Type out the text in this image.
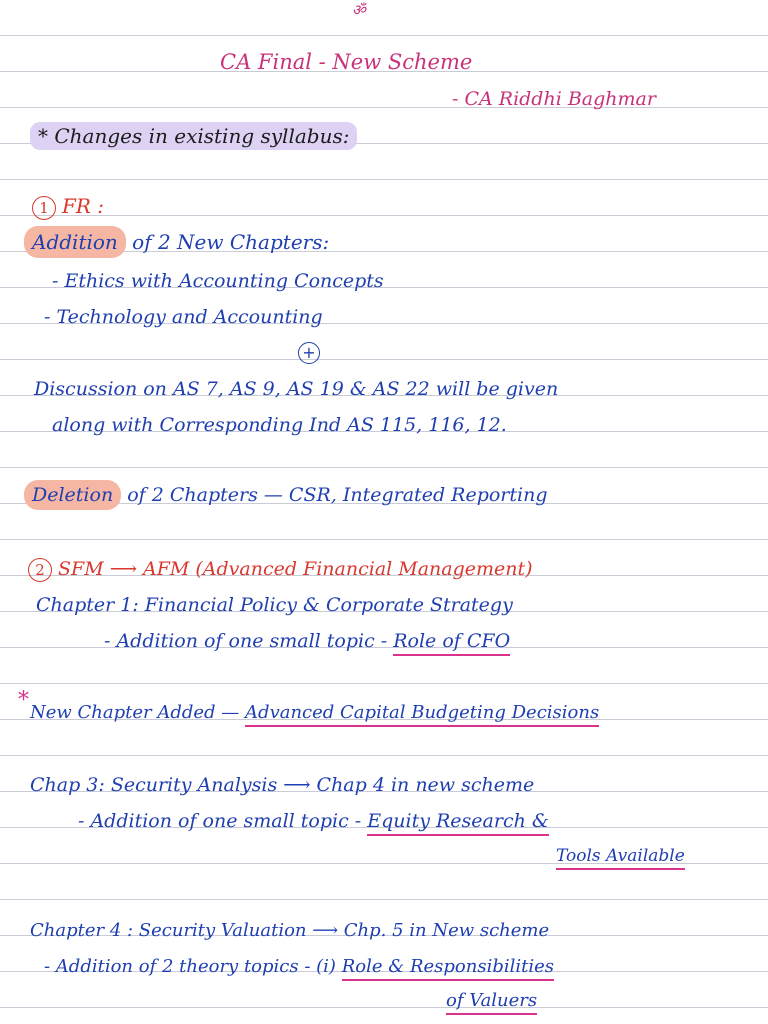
ॐ
CA Final - New Scheme
- CA Riddhi Baghmar
* Changes in existing syllabus:
1 FR :
Addition of 2 New Chapters:
- Ethics with Accounting Concepts
- Technology and Accounting
+
Discussion on AS 7, AS 9, AS 19 & AS 22 will be given
along with Corresponding Ind AS 115, 116, 12.
Deletion of 2 Chapters — CSR, Integrated Reporting
2 SFM ⟶ AFM (Advanced Financial Management)
Chapter 1: Financial Policy & Corporate Strategy
- Addition of one small topic - Role of CFO
* New Chapter Added — Advanced Capital Budgeting Decisions
Chap 3: Security Analysis ⟶ Chap 4 in new scheme
- Addition of one small topic - Equity Research &
Tools Available
Chapter 4 : Security Valuation ⟶ Chp. 5 in New scheme
- Addition of 2 theory topics - (i) Role & Responsibilities
of Valuers
